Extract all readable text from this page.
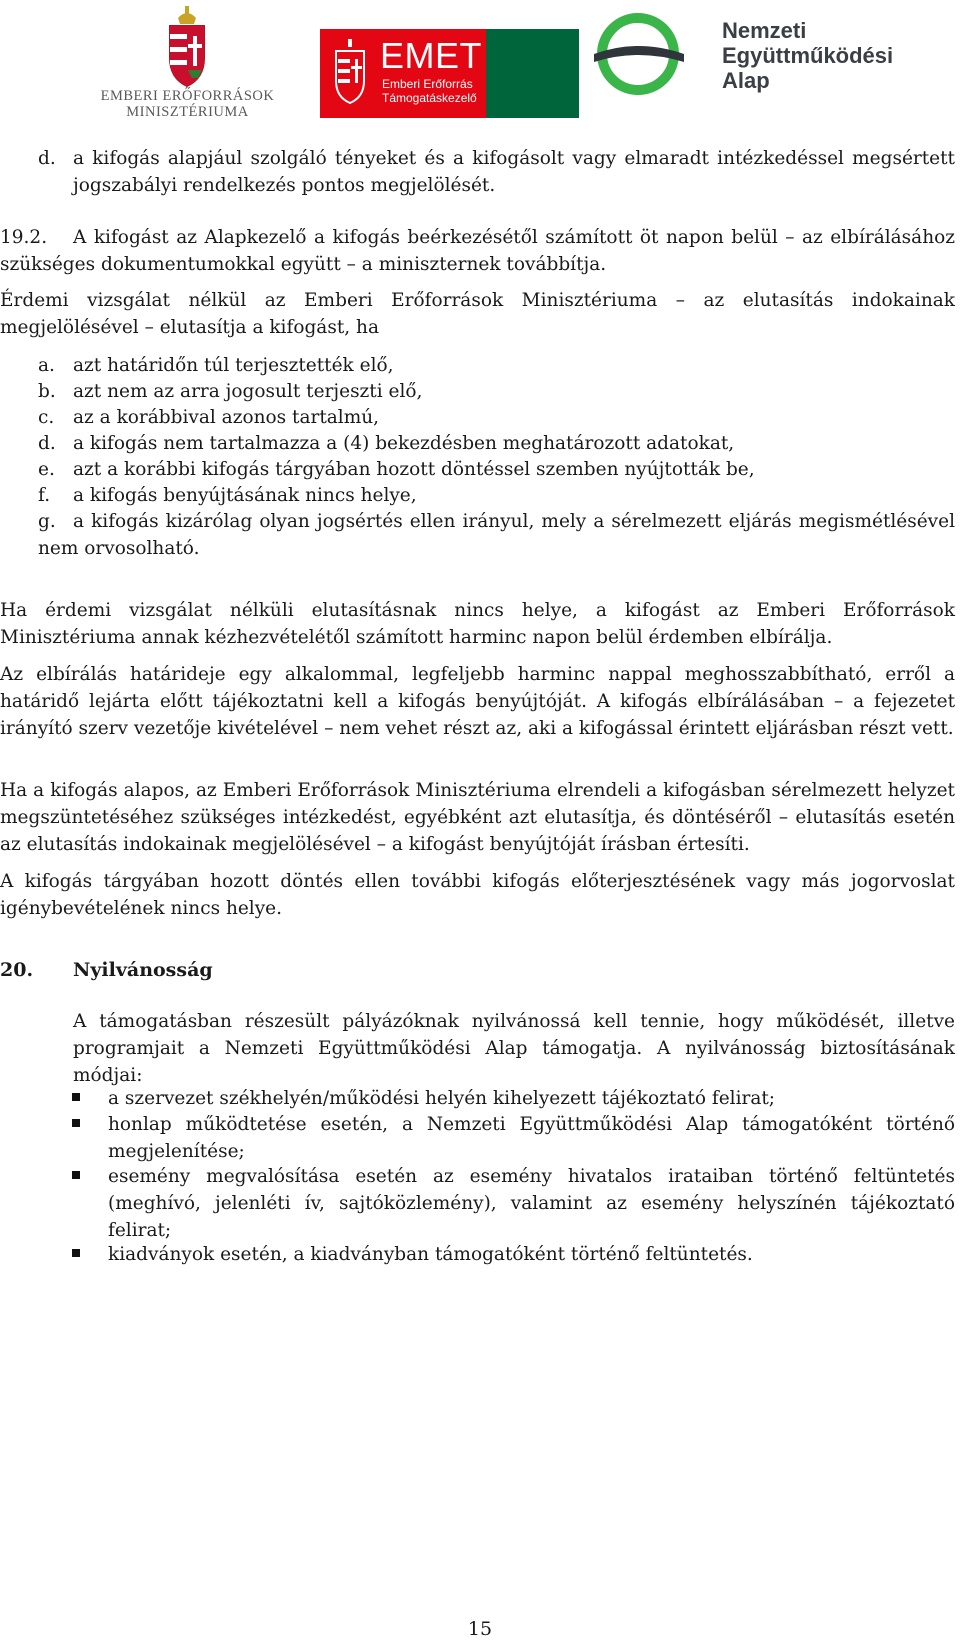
EMBERI ERŐFORRÁSOK
MINISZTÉRIUMA
EMET
Emberi Erőforrás
Támogatáskezelő
Nemzeti
Együttműködési
Alap
d. a kifogás alapjául szolgáló tényeket és a kifogásolt vagy elmaradt intézkedéssel megsértett jogszabályi rendelkezés pontos megjelölését.

19.2.	A kifogást az Alapkezelő a kifogás beérkezésétől számított öt napon belül – az elbírálásához szükséges dokumentumokkal együtt – a miniszternek továbbítja.

Érdemi vizsgálat nélkül az Emberi Erőforrások Minisztériuma – az elutasítás indokainak megjelölésével – elutasítja a kifogást, ha

a. azt határidőn túl terjesztették elő,
b. azt nem az arra jogosult terjeszti elő,
c. az a korábbival azonos tartalmú,
d. a kifogás nem tartalmazza a (4) bekezdésben meghatározott adatokat,
e. azt a korábbi kifogás tárgyában hozott döntéssel szemben nyújtották be,
f. a kifogás benyújtásának nincs helye,
g. a kifogás kizárólag olyan jogsértés ellen irányul, mely a sérelmezett eljárás megismétlésével nem orvosolható.

Ha érdemi vizsgálat nélküli elutasításnak nincs helye, a kifogást az Emberi Erőforrások Minisztériuma annak kézhezvételétől számított harminc napon belül érdemben elbírálja.

Az elbírálás határideje egy alkalommal, legfeljebb harminc nappal meghosszabbítható, erről a határidő lejárta előtt tájékoztatni kell a kifogás benyújtóját. A kifogás elbírálásában – a fejezetet irányító szerv vezetője kivételével – nem vehet részt az, aki a kifogással érintett eljárásban részt vett.

Ha a kifogás alapos, az Emberi Erőforrások Minisztériuma elrendeli a kifogásban sérelmezett helyzet megszüntetéséhez szükséges intézkedést, egyébként azt elutasítja, és döntéséről – elutasítás esetén az elutasítás indokainak megjelölésével – a kifogást benyújtóját írásban értesíti.

A kifogás tárgyában hozott döntés ellen további kifogás előterjesztésének vagy más jogorvoslat igénybevételének nincs helye.

20. Nyilvánosság

A támogatásban részesült pályázóknak nyilvánossá kell tennie, hogy működését, illetve programjait a Nemzeti Együttműködési Alap támogatja. A nyilvánosság biztosításának módjai:

a szervezet székhelyén/működési helyén kihelyezett tájékoztató felirat;

honlap működtetése esetén, a Nemzeti Együttműködési Alap támogatóként történő megjelenítése;

esemény megvalósítása esetén az esemény hivatalos irataiban történő feltüntetés (meghívó, jelenléti ív, sajtóközlemény), valamint az esemény helyszínén tájékoztató felirat;

kiadványok esetén, a kiadványban támogatóként történő feltüntetés.

15
